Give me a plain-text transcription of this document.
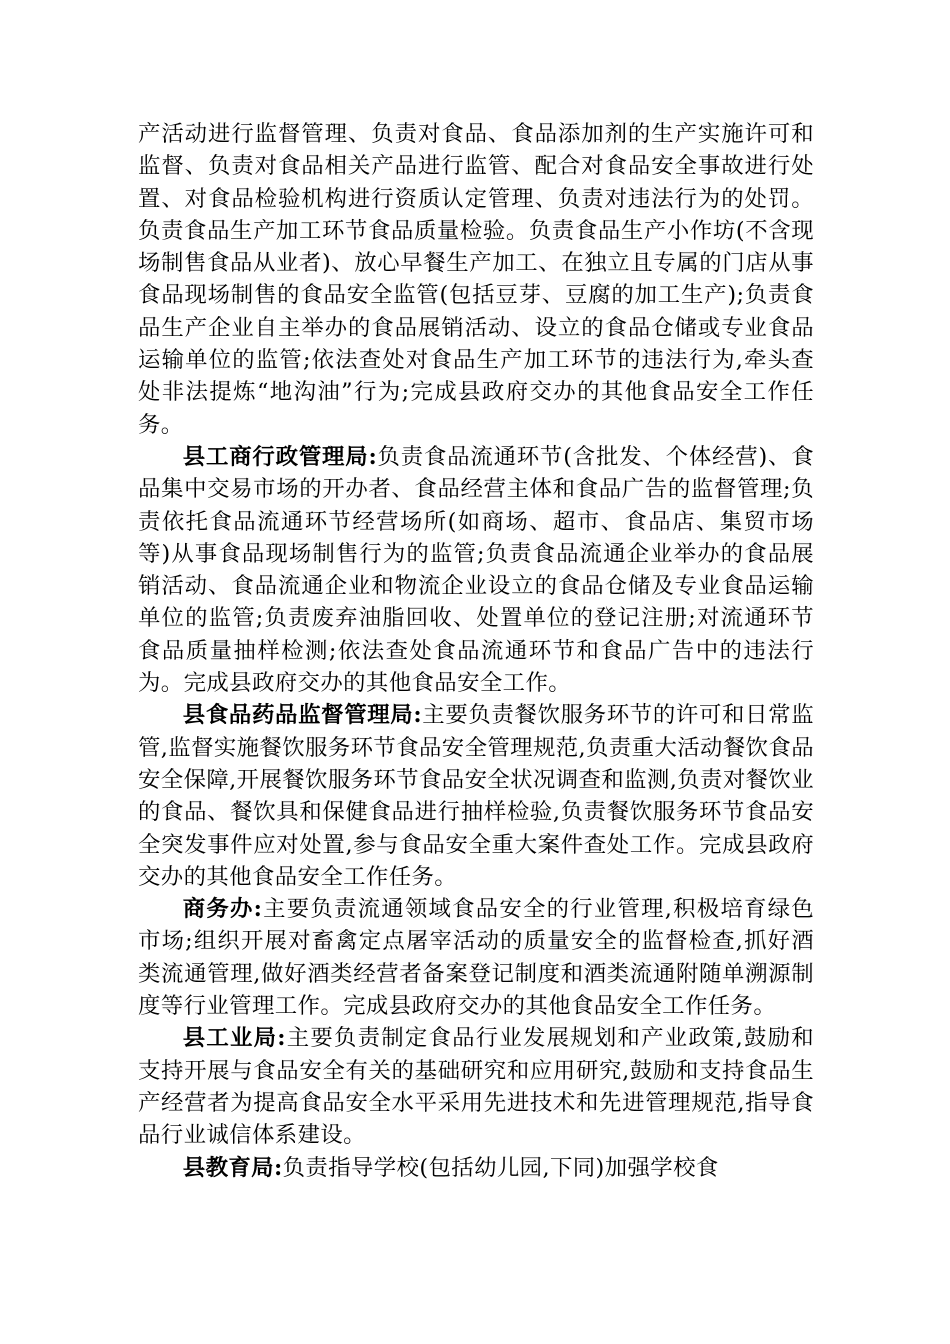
产活动进行监督管理、负责对食品、食品添加剂的生产实施许可和监督、负责对食品相关产品进行监管、配合对食品安全事故进行处置、对食品检验机构进行资质认定管理、负责对违法行为的处罚。负责食品生产加工环节食品质量检验。负责食品生产小作坊(不含现场制售食品从业者)、放心早餐生产加工、在独立且专属的门店从事食品现场制售的食品安全监管(包括豆芽、豆腐的加工生产);负责食品生产企业自主举办的食品展销活动、设立的食品仓储或专业食品运输单位的监管;依法查处对食品生产加工环节的违法行为,牵头查处非法提炼“地沟油”行为;完成县政府交办的其他食品安全工作任务。

县工商行政管理局:负责食品流通环节(含批发、个体经营)、食品集中交易市场的开办者、食品经营主体和食品广告的监督管理;负责依托食品流通环节经营场所(如商场、超市、食品店、集贸市场等)从事食品现场制售行为的监管;负责食品流通企业举办的食品展销活动、食品流通企业和物流企业设立的食品仓储及专业食品运输单位的监管;负责废弃油脂回收、处置单位的登记注册;对流通环节食品质量抽样检测;依法查处食品流通环节和食品广告中的违法行为。完成县政府交办的其他食品安全工作。

县食品药品监督管理局:主要负责餐饮服务环节的许可和日常监管,监督实施餐饮服务环节食品安全管理规范,负责重大活动餐饮食品安全保障,开展餐饮服务环节食品安全状况调查和监测,负责对餐饮业的食品、餐饮具和保健食品进行抽样检验,负责餐饮服务环节食品安全突发事件应对处置,参与食品安全重大案件查处工作。完成县政府交办的其他食品安全工作任务。

商务办:主要负责流通领域食品安全的行业管理,积极培育绿色市场;组织开展对畜禽定点屠宰活动的质量安全的监督检查,抓好酒类流通管理,做好酒类经营者备案登记制度和酒类流通附随单溯源制度等行业管理工作。完成县政府交办的其他食品安全工作任务。

县工业局:主要负责制定食品行业发展规划和产业政策,鼓励和支持开展与食品安全有关的基础研究和应用研究,鼓励和支持食品生产经营者为提高食品安全水平采用先进技术和先进管理规范,指导食品行业诚信体系建设。

县教育局:负责指导学校(包括幼儿园,下同)加强学校食
